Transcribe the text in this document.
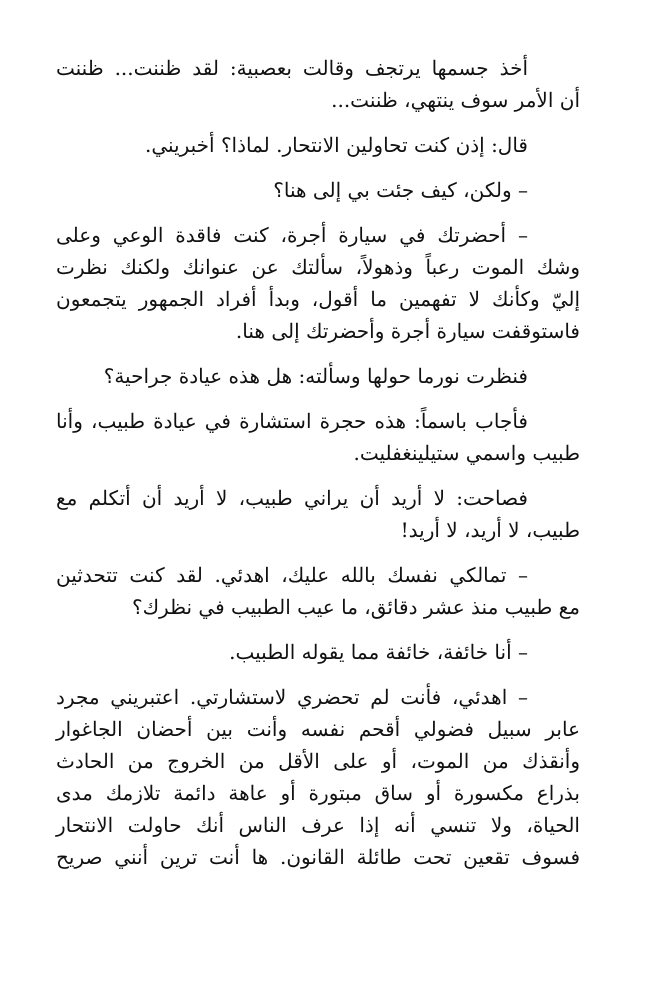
أخذ جسمها يرتجف وقالت بعصبية: لقد ظننت... ظننت
أن الأمر سوف ينتهي، ظننت...

قال: إذن كنت تحاولين الانتحار. لماذا؟ أخبريني.

– ولكن، كيف جئت بي إلى هنا؟

– أحضرتك في سيارة أجرة، كنت فاقدة الوعي وعلى
وشك الموت رعباً وذهولاً، سألتك عن عنوانك ولكنك نظرت
إليّ وكأنك لا تفهمين ما أقول، وبدأ أفراد الجمهور يتجمعون
فاستوقفت سيارة أجرة وأحضرتك إلى هنا.

فنظرت نورما حولها وسألته: هل هذه عيادة جراحية؟

فأجاب باسماً: هذه حجرة استشارة في عيادة طبيب، وأنا
طبيب واسمي ستيلينغفليت.

فصاحت: لا أريد أن يراني طبيب، لا أريد أن أتكلم مع
طبيب، لا أريد، لا أريد!

– تمالكي نفسك بالله عليك، اهدئي. لقد كنت تتحدثين
مع طبيب منذ عشر دقائق، ما عيب الطبيب في نظرك؟

– أنا خائفة، خائفة مما يقوله الطبيب.

– اهدئي، فأنت لم تحضري لاستشارتي. اعتبريني مجرد
عابر سبيل فضولي أقحم نفسه وأنت بين أحضان الجاغوار
وأنقذك من الموت، أو على الأقل من الخروج من الحادث
بذراع مكسورة أو ساق مبتورة أو عاهة دائمة تلازمك مدى
الحياة، ولا تنسي أنه إذا عرف الناس أنك حاولت الانتحار
فسوف تقعين تحت طائلة القانون. ها أنت ترين أنني صريح
